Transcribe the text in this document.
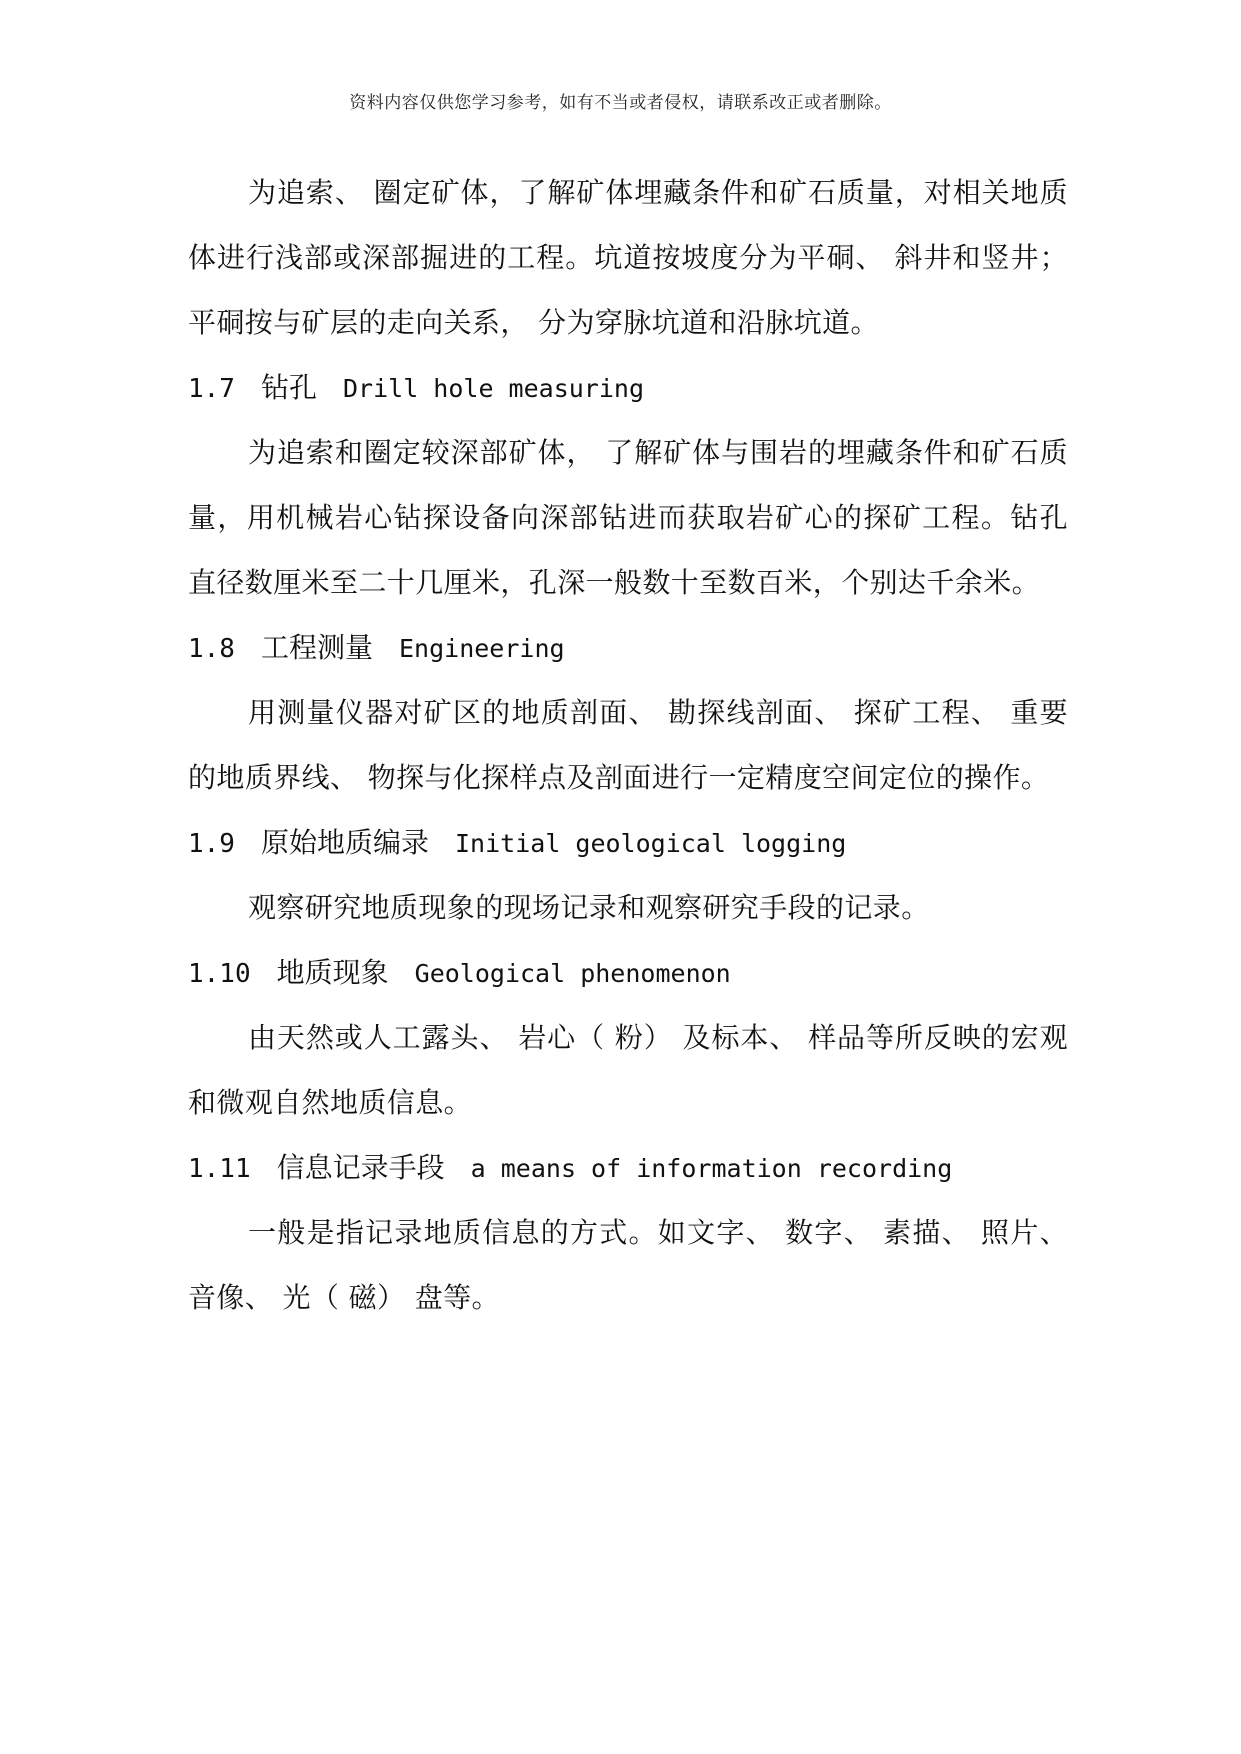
资料内容仅供您学习参考，如有不当或者侵权，请联系改正或者删除。

为追索、 圈定矿体，了解矿体埋藏条件和矿石质量，对相关地质体进行浅部或深部掘进的工程。坑道按坡度分为平硐、 斜井和竖井；平硐按与矿层的走向关系， 分为穿脉坑道和沿脉坑道。

1.7 钻孔 Drill hole measuring

为追索和圈定较深部矿体， 了解矿体与围岩的埋藏条件和矿石质量，用机械岩心钻探设备向深部钻进而获取岩矿心的探矿工程。钻孔直径数厘米至二十几厘米，孔深一般数十至数百米，个别达千余米。

1.8 工程测量 Engineering

用测量仪器对矿区的地质剖面、 勘探线剖面、 探矿工程、 重要的地质界线、 物探与化探样点及剖面进行一定精度空间定位的操作。

1.9 原始地质编录 Initial geological logging

观察研究地质现象的现场记录和观察研究手段的记录。

1.10 地质现象 Geological phenomenon

由天然或人工露头、 岩心（ 粉） 及标本、 样品等所反映的宏观和微观自然地质信息。

1.11 信息记录手段 a means of information recording

一般是指记录地质信息的方式。如文字、 数字、 素描、 照片、 音像、 光（ 磁） 盘等。
